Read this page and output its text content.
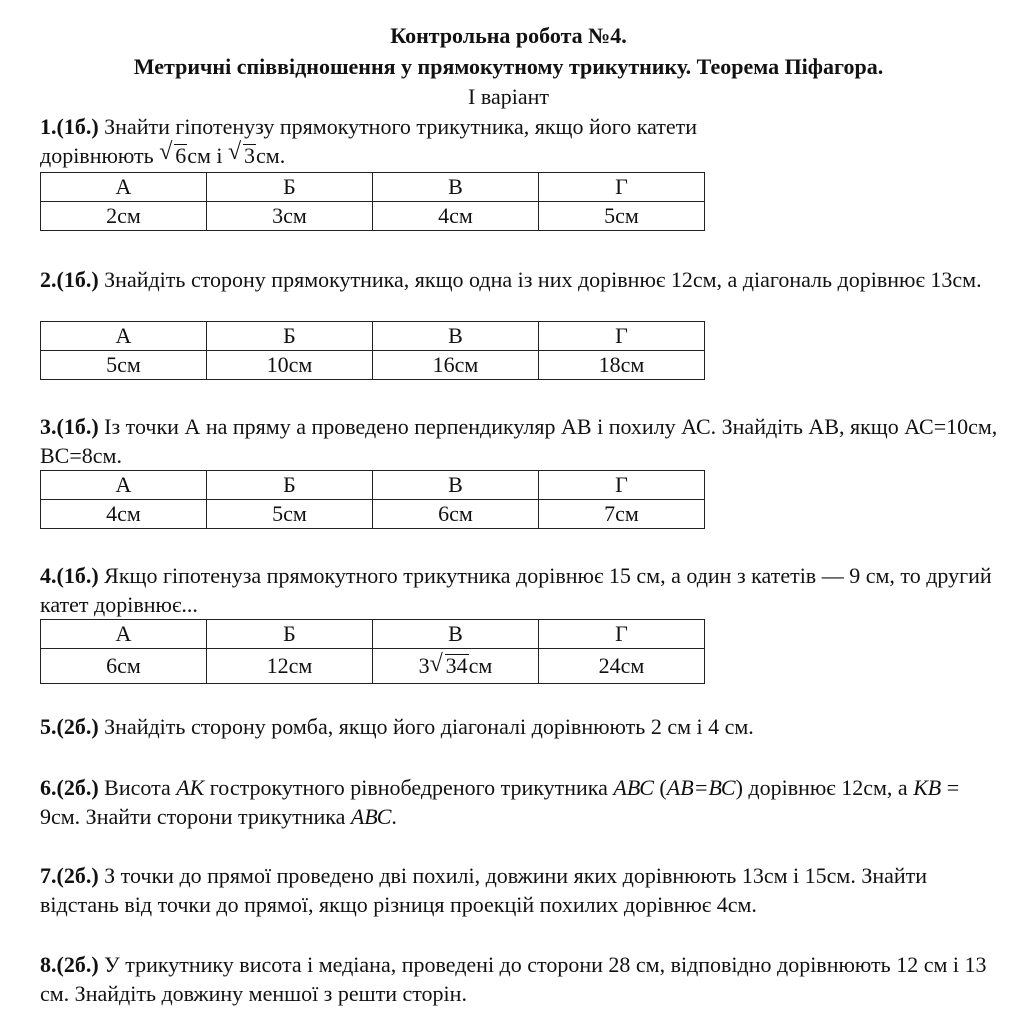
Контрольна робота №4.
Метричні співвідношення у прямокутному трикутнику. Теорема Піфагора.
І варіант
1.(1б.) Знайти гіпотенузу прямокутного трикутника, якщо його катети
дорівнюють √ 6см і √ 3см.
А	Б	В	Г
2см	3см	4см	5см
2.(1б.) Знайдіть сторону прямокутника, якщо одна із них дорівнює 12см, а діагональ дорівнює 13см.
А	Б	В	Г
5см	10см	16см	18см
3.(1б.) Із точки А на пряму а проведено перпендикуляр АВ і похилу АС. Знайдіть АВ, якщо АС=10см, ВС=8см.
А	Б	В	Г
4см	5см	6см	7см
4.(1б.) Якщо гіпотенуза прямокутного трикутника дорівнює 15 см, а один з катетів — 9 см, то другий катет дорівнює...
А	Б	В	Г
6см	12см	3 √ 34см	24см
5.(2б.) Знайдіть сторону ромба, якщо його діагоналі дорівнюють 2 см і 4 см.
6.(2б.) Висота АК гострокутного рівнобедреного трикутника АВС (АВ=ВС) дорівнює 12см, а КВ = 9см. Знайти сторони трикутника АВС.
7.(2б.) З точки до прямої проведено дві похилі, довжини яких дорівнюють 13см і 15см. Знайти відстань від точки до прямої, якщо різниця проекцій похилих дорівнює 4см.
8.(2б.) У трикутнику висота і медіана, проведені до сторони 28 см, відповідно дорівнюють 12 см і 13 см. Знайдіть довжину меншої з решти сторін.
